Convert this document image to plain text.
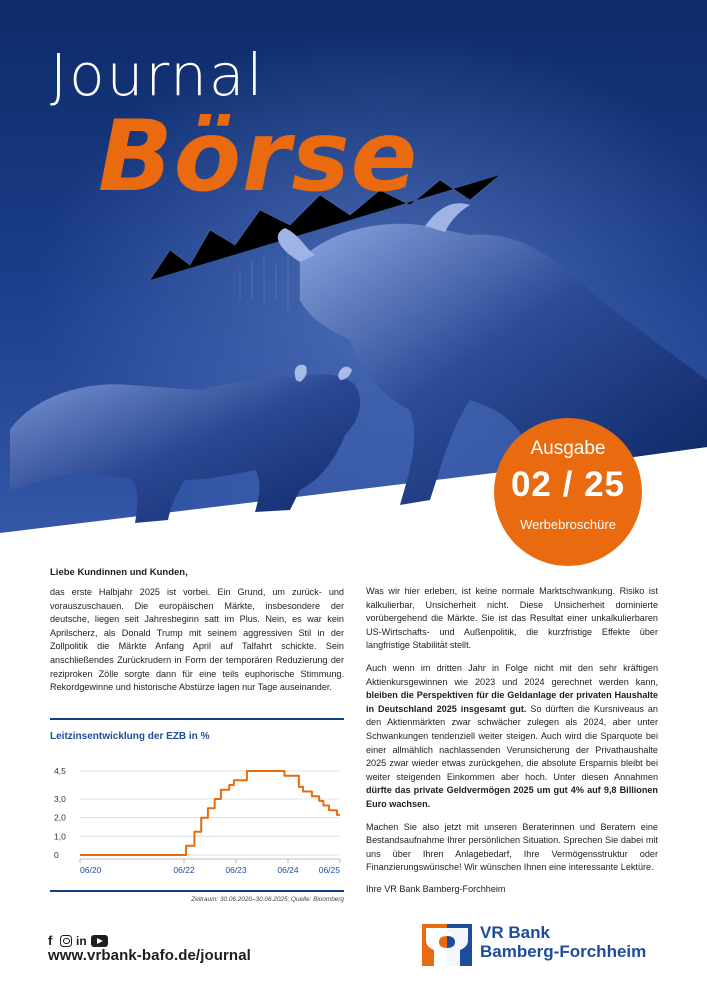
Journal
Börse
Ausgabe
02 / 25
Werbebroschüre
Liebe Kundinnen und Kunden,

das erste Halbjahr 2025 ist vorbei. Ein Grund, um zurück- und vorauszuschauen. Die europäischen Märkte, insbesondere der deutsche, liegen seit Jahresbeginn satt im Plus. Nein, es war kein Aprilscherz, als Donald Trump mit seinem aggressiven Stil in der Zollpolitik die Märkte Anfang April auf Talfahrt schickte. Sein anschließendes Zurückrudern in Form der temporären Reduzierung der reziproken Zölle sorgte dann für eine teils euphorische Stimmung. Rekordgewinne und historische Abstürze lagen nur Tage auseinander.

Leitzinsentwicklung der EZB in %
4,5
3,0
2,0
1,0
0
06/20	06/22	06/23	06/24 06/25
Zeitraum: 30.06.2020–30.06.2025; Quelle: Bloomberg

Was wir hier erleben, ist keine normale Marktschwankung. Risiko ist kalkulierbar, Unsicherheit nicht. Diese Unsicherheit dominierte vorübergehend die Märkte. Sie ist das Resultat einer unkalkulierbaren US-Wirtschafts- und Außenpolitik, die kurzfristige Effekte über langfristige Stabilität stellt.

Auch wenn im dritten Jahr in Folge nicht mit den sehr kräftigen Aktienkursgewinnen wie 2023 und 2024 gerechnet werden kann, bleiben die Perspektiven für die Geldanlage der privaten Haushalte in Deutschland 2025 insgesamt gut. So dürften die Kursniveaus an den Aktienmärkten zwar schwächer zulegen als 2024, aber unter Schwankungen tendenziell weiter steigen. Auch wird die Sparquote bei einer allmählich nachlassenden Verunsicherung der Privathaushalte 2025 zwar wieder etwas zurückgehen, die absolute Ersparnis bleibt bei weiter steigenden Einkommen aber hoch. Unter diesen Annahmen dürfte das private Geldvermögen 2025 um gut 4% auf 9,8 Billionen Euro wachsen.

Machen Sie also jetzt mit unseren Beraterinnen und Beratern eine Bestandsaufnahme Ihrer persönlichen Situation. Sprechen Sie dabei mit uns über Ihren Anlagebedarf, Ihre Vermögensstruktur oder Finanzierungswünsche! Wir wünschen Ihnen eine interessante Lektüre.

Ihre VR Bank Bamberg-Forchheim
f in
www.vrbank-bafo.de/journal
VR Bank
Bamberg-Forchheim
